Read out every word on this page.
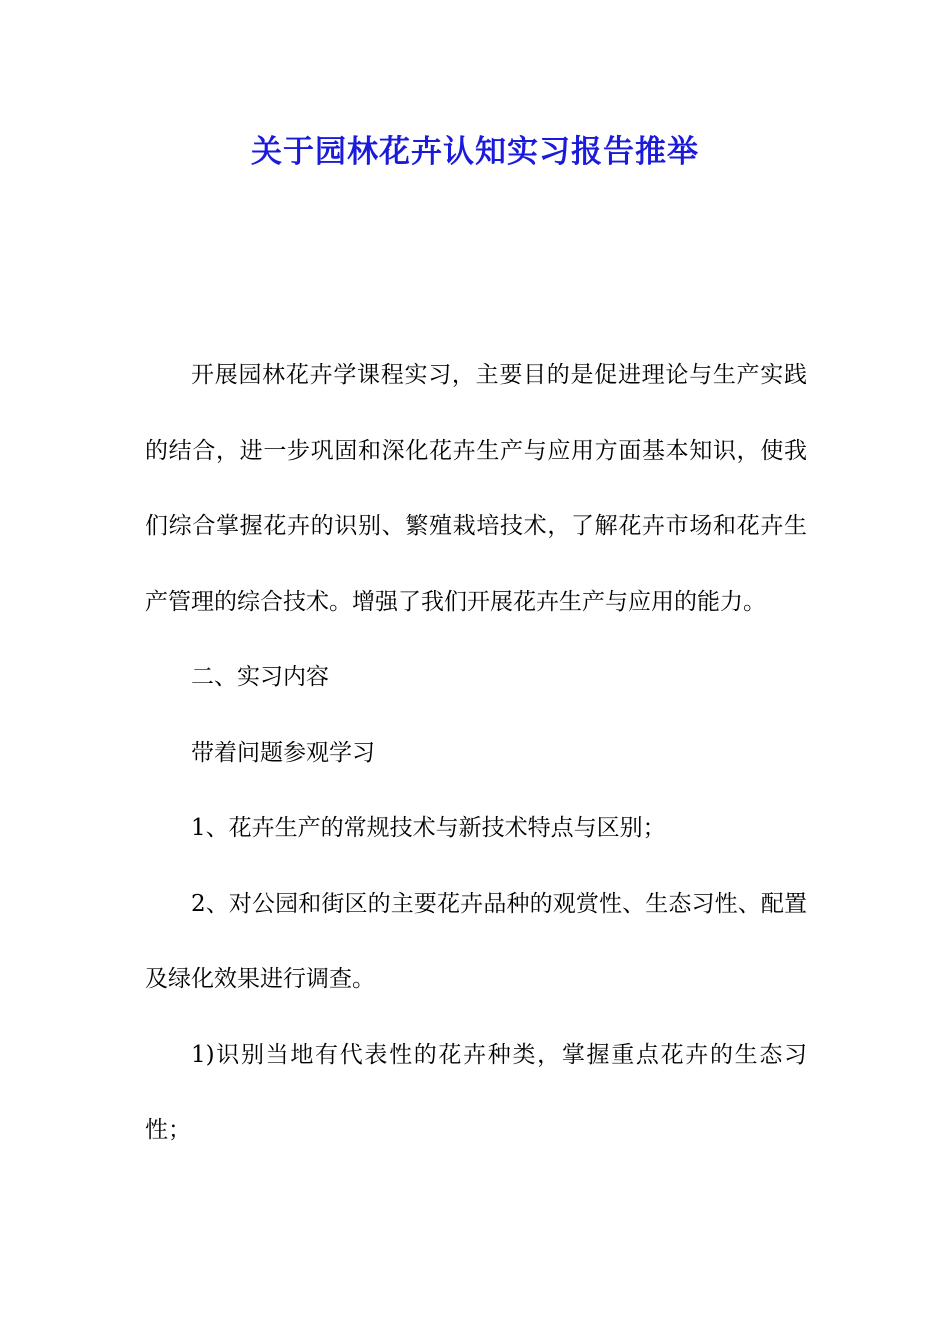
关于园林花卉认知实习报告推举

开展园林花卉学课程实习，主要目的是促进理论与生产实践的结合，进一步巩固和深化花卉生产与应用方面基本知识，使我们综合掌握花卉的识别、繁殖栽培技术，了解花卉市场和花卉生产管理的综合技术。增强了我们开展花卉生产与应用的能力。

二、实习内容

带着问题参观学习

1、花卉生产的常规技术与新技术特点与区别；

2、对公园和街区的主要花卉品种的观赏性、生态习性、配置及绿化效果进行调查。

1)识别当地有代表性的花卉种类，掌握重点花卉的生态习性；
